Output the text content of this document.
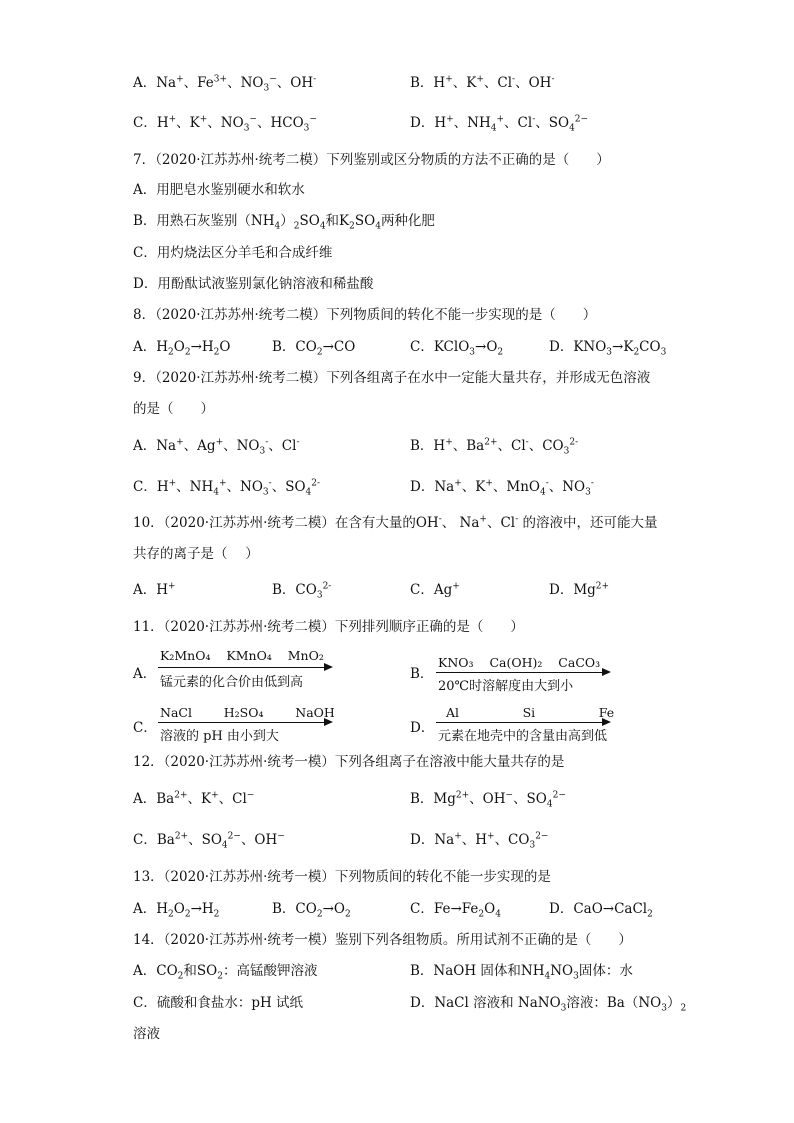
A．Na+、$Fe^{3+}$、$NO_3^-$、OH-	B．H+、K+、Cl-、OH-
C．H+、K+、$NO_3^-$、$HCO_3^-$	D．H+、$NH_4^+$、Cl-、$SO_4^{2-}$
7．（2020·江苏苏州·统考二模）下列鉴别或区分物质的方法不正确的是（　　）
A．用肥皂水鉴别硬水和软水
B．用熟石灰鉴别$(NH_4)_2SO_4$和$K_2SO_4$两种化肥
C．用灼烧法区分羊毛和合成纤维
D．用酚酞试液鉴别氯化钠溶液和稀盐酸
8．（2020·江苏苏州·统考二模）下列物质间的转化不能一步实现的是（　　）
A．$H_2O_2\to H_2O$	B．$CO_2\to CO$	C．$KClO_3\to O_2$	D．$KNO_3\to K_2CO_3$
9．（2020·江苏苏州·统考二模）下列各组离子在水中一定能大量共存，并形成无色溶液
的是（　　）
A．Na+、Ag+、$NO_3^-$、Cl-	B．H+、$Ba^{2+}$、Cl-、$CO_3^{2-}$
C．H+、$NH_4^+$、$NO_3^-$、$SO_4^{2-}$	D．Na+、K+、MnO$_4$-、$NO_3^-$
10．（2020·江苏苏州·统考二模）在含有大量的OH-、 Na+、Cl- 的溶液中，还可能大量
共存的离子是（　 ）
A．H+	B．$CO_3^{2-}$	C．Ag+	D．$Mg^{2+}$
11．（2020·江苏苏州·统考二模）下列排列顺序正确的是（　　）
A．
K₂MnO₄ KMnO₄ MnO₂
锰元素的化合价由低到高
B．
KNO₃ Ca(OH)₂ CaCO₃
20℃时溶解度由大到小
C．
NaCl	H₂SO₄	NaOH
溶液的 pH 由小到大
D．
Al	Si	Fe
元素在地壳中的含量由高到低
12．（2020·江苏苏州·统考一模）下列各组离子在溶液中能大量共存的是
A．$Ba^{2+}$、K+、Cl−	B．$Mg^{2+}$、OH−、$SO_4^{2-}$
C．$Ba^{2+}$、$SO_4^{2-}$、OH−	D．Na+、H+、$CO_3^{2-}$
13．（2020·江苏苏州·统考一模）下列物质间的转化不能一步实现的是
A．$H_2O_2\to H_2$	B．$CO_2\to O_2$	C．$Fe\to Fe_2O_4$	D．CaO→CaCl$_2$
14．（2020·江苏苏州·统考一模）鉴别下列各组物质。所用试剂不正确的是（　　）
A．$CO_2$和$SO_2$：高锰酸钾溶液	B．NaOH 固体和$NH_4NO_3$固体：水
C．硫酸和食盐水：pH 试纸	D．NaCl 溶液和 NaNO$_3$溶液：$Ba(NO_3)_2$
溶液
